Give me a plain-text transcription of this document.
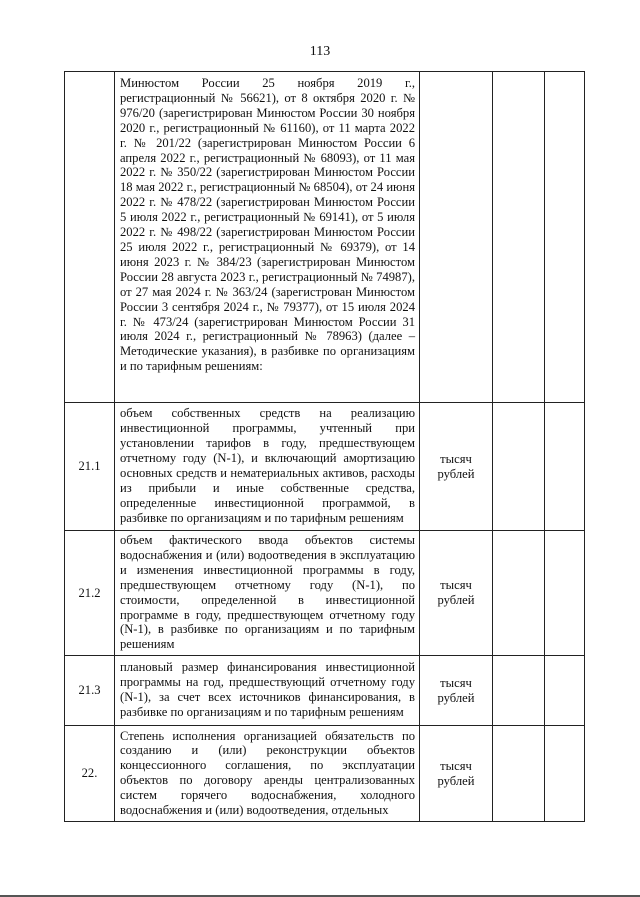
113

	Минюстом России 25 ноября 2019 г., регистрационный № 56621), от 8 октября 2020 г. № 976/20 (зарегистрирован Минюстом России 30 ноября 2020 г., регистрационный № 61160), от 11 марта 2022 г. № 201/22 (зарегистрирован Минюстом России 6 апреля 2022 г., регистрационный № 68093), от 11 мая 2022 г. № 350/22 (зарегистрирован Минюстом России 18 мая 2022 г., регистрационный № 68504), от 24 июня 2022 г. № 478/22 (зарегистрирован Минюстом России 5 июля 2022 г., регистрационный № 69141), от 5 июля 2022 г. № 498/22 (зарегистрирован Минюстом России 25 июля 2022 г., регистрационный № 69379), от 14 июня 2023 г. № 384/23 (зарегистрирован Минюстом России 28 августа 2023 г., регистрационный № 74987), от 27 мая 2024 г. № 363/24 (зарегистрован Минюстом России 3 сентября 2024 г., № 79377), от 15 июля 2024 г. № 473/24 (зарегистрирован Минюстом России 31 июля 2024 г., регистрационный № 78963) (далее – Методические указания), в разбивке по организациям и по тарифным решениям:			

21.1	объем собственных средств на реализацию инвестиционной программы, учтенный при установлении тарифов в году, предшествующем отчетному году (N-1), и включающий амортизацию основных средств и нематериальных активов, расходы из прибыли и иные собственные средства, определенные инвестиционной программой, в разбивке по организациям и по тарифным решениям	тысяч рублей		

21.2	объем фактического ввода объектов системы водоснабжения и (или) водоотведения в эксплуатацию и изменения инвестиционной программы в году, предшествующем отчетному году (N-1), по стоимости, определенной в инвестиционной программе в году, предшествующем отчетному году (N-1), в разбивке по организациям и по тарифным решениям	тысяч рублей		

21.3	плановый размер финансирования инвестиционной программы на год, предшествующий отчетному году (N-1), за счет всех источников финансирования, в разбивке по организациям и по тарифным решениям	тысяч рублей		

22.	Степень исполнения организацией обязательств по созданию и (или) реконструкции объектов концессионного соглашения, по эксплуатации объектов по договору аренды централизованных систем горячего водоснабжения, холодного водоснабжения и (или) водоотведения, отдельных	тысяч рублей		
